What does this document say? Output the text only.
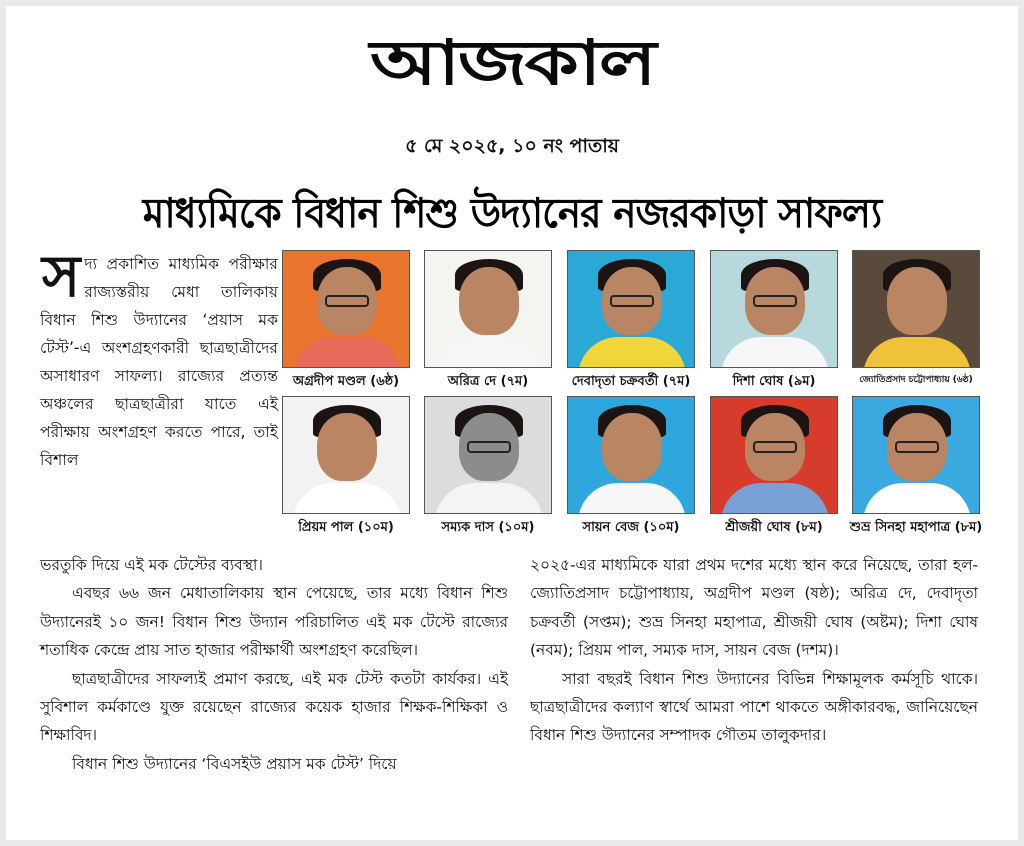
আজকাল
৫ মে ২০২৫, ১০ নং পাতায়
মাধ্যমিকে বিধান শিশু উদ্যানের নজরকাড়া সাফল্য
সদ্য প্রকাশিত মাধ্যমিক পরীক্ষার রাজ্যস্তরীয় মেধা তালিকায় বিধান শিশু উদ্যানের ‘প্রয়াস মক টেস্ট’-এ অংশগ্রহণকারী ছাত্রছাত্রীদের অসাধারণ সাফল্য। রাজ্যের প্রত্যন্ত অঞ্চলের ছাত্রছাত্রীরা যাতে এই পরীক্ষায় অংশগ্রহণ করতে পারে, তাই বিশাল
অগ্রদীপ মণ্ডল (৬ষ্ঠ)	অরিত্র দে (৭ম)	দেবাদৃতা চক্রবর্তী (৭ম)	দিশা ঘোষ (৯ম)	জ্যোতিপ্রসাদ চট্টোপাধ্যায় (৬ষ্ঠ)
প্রিয়ম পাল (১০ম)	সম্যক দাস (১০ম)	সায়ন বেজ (১০ম)	শ্রীজয়ী ঘোষ (৮ম)	শুভ্র সিনহা মহাপাত্র (৮ম)

ভরতুকি দিয়ে এই মক টেস্টের ব্যবস্থা।

এবছর ৬৬ জন মেধাতালিকায় স্থান পেয়েছে, তার মধ্যে বিধান শিশু উদ্যানেরই ১০ জন! বিধান শিশু উদ্যান পরিচালিত এই মক টেস্টে রাজ্যের শতাধিক কেন্দ্রে প্রায় সাত হাজার পরীক্ষার্থী অংশগ্রহণ করেছিল।

ছাত্রছাত্রীদের সাফল্যই প্রমাণ করছে, এই মক টেস্ট কতটা কার্যকর। এই সুবিশাল কর্মকাণ্ডে যুক্ত রয়েছেন রাজ্যের কয়েক হাজার শিক্ষক-শিক্ষিকা ও শিক্ষাবিদ।

বিধান শিশু উদ্যানের ‘বিএসইউ প্রয়াস মক টেস্ট’ দিয়ে

২০২৫-এর মাধ্যমিকে যারা প্রথম দশের মধ্যে স্থান করে নিয়েছে, তারা হল- জ্যোতিপ্রসাদ চট্টোপাধ্যায়, অগ্রদীপ মণ্ডল (ষষ্ঠ); অরিত্র দে, দেবাদৃতা চক্রবর্তী (সপ্তম); শুভ্র সিনহা মহাপাত্র, শ্রীজয়ী ঘোষ (অষ্টম); দিশা ঘোষ (নবম); প্রিয়ম পাল, সম্যক দাস, সায়ন বেজ (দশম)।

সারা বছরই বিধান শিশু উদ্যানের বিভিন্ন শিক্ষামূলক কর্মসূচি থাকে। ছাত্রছাত্রীদের কল্যাণ স্বার্থে আমরা পাশে থাকতে অঙ্গীকারবদ্ধ, জানিয়েছেন বিধান শিশু উদ্যানের সম্পাদক গৌতম তালুকদার।
